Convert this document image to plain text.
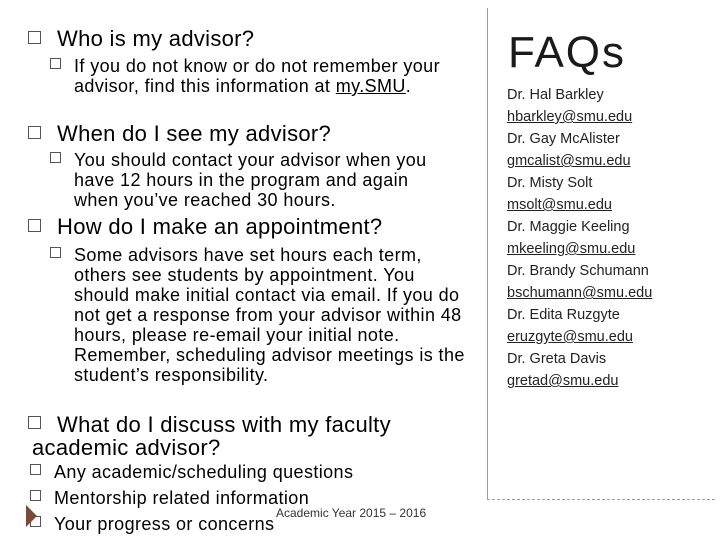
Who is my advisor?
If you do not know or do not remember your advisor, find this information at my.SMU.
When do I see my advisor?
You should contact your advisor when you have 12 hours in the program and again when you’ve reached 30 hours.
How do I make an appointment?
Some advisors have set hours each term, others see students by appointment. You should make initial contact via email. If you do not get a response from your advisor within 48 hours, please re-email your initial note. Remember, scheduling advisor meetings is the student’s responsibility.
What do I discuss with my faculty
academic advisor?
Any academic/scheduling questions
Mentorship related information
Your progress or concerns
FAQs
Dr. Hal Barkley
hbarkley@smu.edu
Dr. Gay McAlister
gmcalist@smu.edu
Dr. Misty Solt
msolt@smu.edu
Dr. Maggie Keeling
mkeeling@smu.edu
Dr. Brandy Schumann
bschumann@smu.edu
Dr. Edita Ruzgyte
eruzgyte@smu.edu
Dr. Greta Davis
gretad@smu.edu
Academic Year 2015 – 2016
